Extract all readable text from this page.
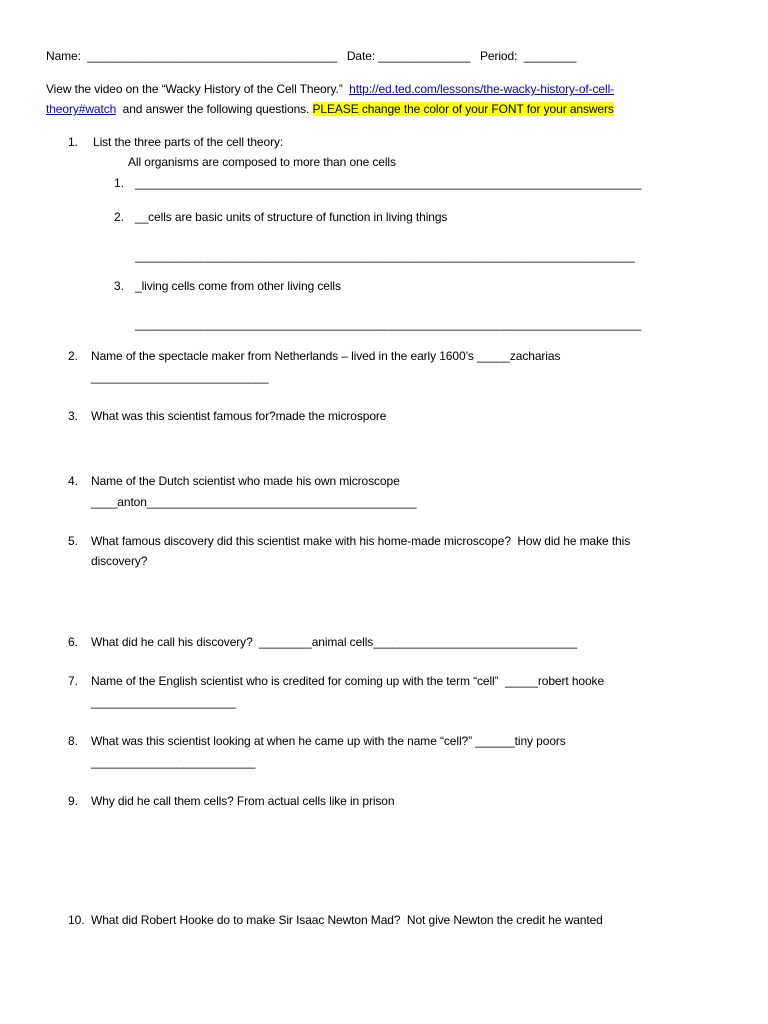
Name:  ______________________________________   Date: ______________   Period:  ________
View the video on the “Wacky History of the Cell Theory.” http://ed.ted.com/lessons/the-wacky-history-of-cell-
theory#watch and answer the following questions. PLEASE change the color of your FONT for your answers
1. List the three parts of the cell theory:
All organisms are composed to more than one cells
1. _____________________________________________________________________________
2. __cells are basic units of structure of function in living things
____________________________________________________________________________
3. _living cells come from other living cells
_____________________________________________________________________________
2. Name of the spectacle maker from Netherlands – lived in the early 1600’s _____zacharias
___________________________
3. What was this scientist famous for?made the microspore
4. Name of the Dutch scientist who made his own microscope
____anton_________________________________________
5. What famous discovery did this scientist make with his home-made microscope?  How did he make this
discovery?
6. What did he call his discovery?  ________animal cells_______________________________
7. Name of the English scientist who is credited for coming up with the term “cell”  _____robert hooke
______________________
8. What was this scientist looking at when he came up with the name “cell?” ______tiny poors
_________________________
9. Why did he call them cells? From actual cells like in prison
10. What did Robert Hooke do to make Sir Isaac Newton Mad?  Not give Newton the credit he wanted
